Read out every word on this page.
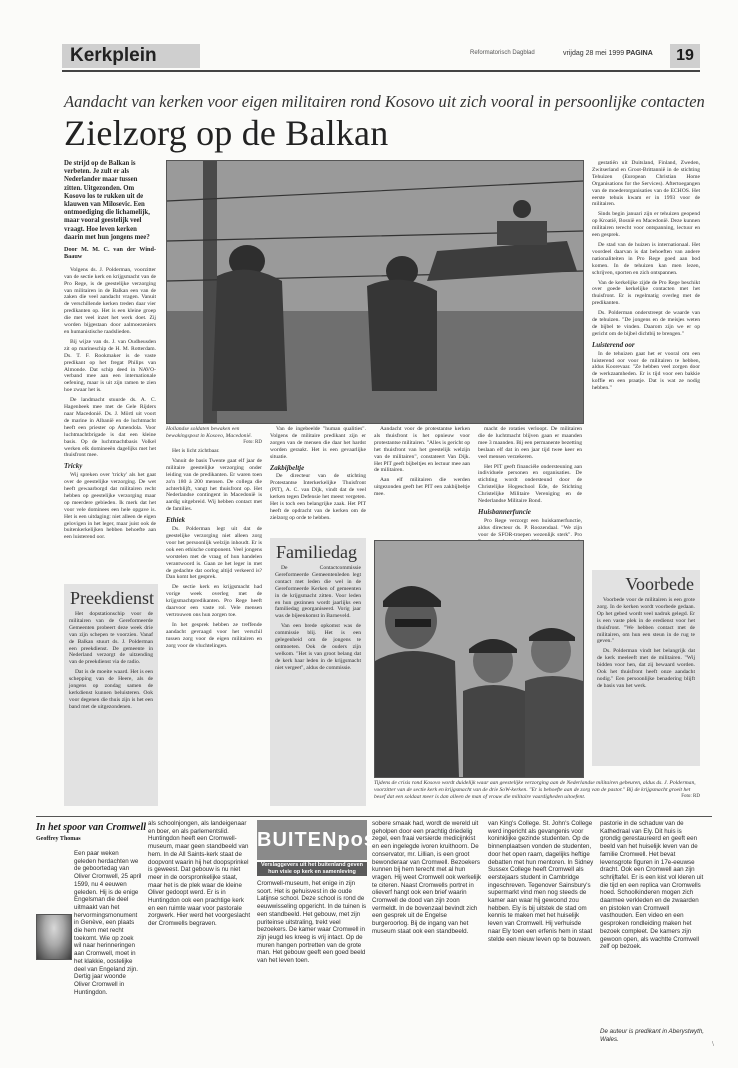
Kerkplein	Reformatorisch Dagblad	vrijdag 28 mei 1999 PAGINA	19
Aandacht van kerken voor eigen militairen rond Kosovo uit zich vooral in persoonlijke contacten
Zielzorg op de Balkan
De strijd op de Balkan is verbeten. Je zult er als Nederlander maar tussen zitten. Uitgezonden. Om Kosovo los te rukken uit de klauwen van Milosevic. Een ontmoediging die lichamelijk, maar vooral geestelijk veel vraagt. Hoe leven kerken daarin met hun jongens mee?
Door M. M. C. van der Wind-Baauw

Volgens ds. J. Polderman, voorzitter van de sectie kerk en krijgsmacht van de Pro Rege, is de geestelijke verzorging van militairen in de Balkan een van de zaken die veel aandacht vragen. Vanuit de verschillende kerken treden daar vier predikanten op. Het is een kleine groep die met veel inzet het werk doet. Zij worden bijgestaan door aalmoezeniers en humanistische raadslieden.

Bij wijze van ds. J. van Oudheusden zit op marineschip de H. M. Rotterdam. Ds. T. F. Rookmaker is de vaste predikant op het fregat Philips van Almonde. Dat schip deed in NAVO-verband mee aan een internationale oefening, maar is uit zijn ramen te zien hoe zwaar het is.

De landmacht stuurde ds. A. C. Hagenbeek mee met de Gele Rijders naar Macedonië. Ds. J. Mörtl uit voort de marine in Albanië en de luchtmacht heeft een priester op Amendola. Voor luchtmachtbrigade is dat een kleine basis. Op de luchtmachtbasis Volkel werken elk domineeën dagelijks met het thuisfront mee.

Tricky

Wij spreken over 'tricky' als het gaat over de geestelijke verzorging. De wet heeft gewaarborgd dat militairen recht hebben op geestelijke verzorging maar op meerdere gebieden. Ik merk dat het voor vele dominees een hele opgave is. Het is een uitdaging: niet alleen de eigen gelovigen in het leger, maar juist ook de buitenkerkelijken hebben behoefte aan een luisterend oor.

Hollandse soldaten bewaken een bewakingspost in Kosovo, Macedonië.
Foto: RD

Het is licht zichtbaar.

Vanuit de basis Twente gaat elf jaar de militaire geestelijke verzorging onder leiding van de predikanten. Er waren toen zo'n 180 à 200 mensen. De collega die achterblijft, vangt het thuisfront op. Het Nederlandse contingent in Macedonië is aardig uitgebreid. Wij hebben contact met de families.

Ethiek

Ds. Polderman legt uit dat de geestelijke verzorging niet alleen zorg voor het persoonlijk welzijn inhoudt. Er is ook een ethische component. Veel jongens worstelen met de vraag of hun handelen verantwoord is. Gaan ze het leger in met de gedachte dat oorlog altijd verkeerd is? Dan komt het gesprek.

De sectie kerk en krijgsmacht had vorige week overleg met de krijgsmachtpredikanten. Pro Rege heeft daarvoor een vaste rol. Vele mensen vertrouwen ons hun zorgen toe.

In het gesprek hebben ze treffende aandacht gevraagd voor het verschil tussen zorg voor de eigen militairen en zorg voor de vluchtelingen.

Van de ingebeelde "human qualities". Volgens de militaire predikant zijn er zorgen van de mensen die daar het hardst worden geraakt. Het is een gevaarlijke situatie.

Zakbijbeltje

De directeur van de stichting Protestantse Interkerkelijke Thuisfront (PIT), A. C. van Dijk, vindt dat de veel kerken tegen Defensie het meest vergeten. Het is toch een belangrijke zaak. Het PIT heeft de opdracht van de kerken om de zielzorg op orde te hebben.

Aandacht voor de protestantse kerken als thuisfront is het opnieuw voor protestantse militairen. "Alles is gericht op het thuisfront van het geestelijk welzijn van de militairen", constateert Van Dijk. Het PIT geeft bijbeltjes en lectuur mee aan de militairen.

Aan elf militairen die werden uitgezonden geeft het PIT een zakbijbeltje mee.

macht de rotaties verloopt. De militairen die de luchtmacht blijven gaan er maanden mee 3 maanden. Bij een permanente bezetting beslaan elf dat in een jaar tijd twee keer en veel mensen verzekeren.

Het PIT geeft financiële ondersteuning aan individuele personen en organisaties. De stichting wordt ondersteund door de Christelijke Hogeschool Ede, de Stichting Christelijke Militaire Vereniging en de Nederlandse Militaire Bond.

Huisbannerfuncie

Pro Rege verzorgt een huiskamerfunctie, aldus directeur ds. P. Roozendaal. "We zijn voor de SFOR-troepen wezenlijk sterk". Pro

gestatiën uit Duitsland, Finland, Zweden, Zwitserland en Groot-Brittannië in de stichting Tehuizen (European Christian Home Organisations for the Services). Aftertoegangen van de moederorganisaties van de ECHOS. Het eerste tehuis kwam er in 1993 voor de militairen.

Sinds begin januari zijn er tehuizen geopend op Kroatië, Bosnië en Macedonië. Deze kunnen militairen terecht voor ontspanning, lectuur en een gesprek.

De stad van de huizen is internationaal. Het voordeel daarvan is dat behoeften van andere nationaliteiten in Pro Rege goed aan bod komen. In de tehuizen kan men lezen, schrijven, sporten en zich ontspannen.

Van de kerkelijke zijde de Pro Rege beschikt over goede kerkelijke contacten met het thuisfront. Er is regelmatig overleg met de predikanten.

Ds. Polderman onderstreept de waarde van de tehuizen. "De jongens en de meisjes weten de bijbel te vinden. Daarom zijn we er op gericht om de bijbel dichtbij te brengen."

Luisterend oor

In de tehuizen gaat het er vooral om een luisterend oor voor de militairen te hebben, aldus Koorevaar. "Ze hebben veel zorgen door de werkzaamheden. Er is tijd voor een bakkie koffie en een praatje. Dat is wat ze nodig hebben."

Preekdienst

Het dopstationschip voor de militairen van de Gereformeerde Gemeenten probeert deze week drie van zijn schepen te voorzien. Vanaf de Balkan stuurt ds. J. Polderman een preekdienst. De gemeente in Nederland verzorgt de uitzending van de preekdienst via de radio.

Dat is de moeite waard. Het is een schepping van de Heere, als de jongens op zondag samen de kerkdienst kunnen beluisteren. Ook voor degenen die thuis zijn is het een band met de uitgezondenen.

Familiedag

De Contactcommissie Gereformeerde Gemeentenleden legt contact met leden die wel in de Gereformeerde Kerken of gemeenten in de krijgsmacht zitten. Voor leden en hun gezinnen wordt jaarlijks een familiedag georganiseerd. Vorig jaar was de bijeenkomst in Barneveld.

Van een brede opkomst was de commissie blij. Het is een gelegenheid om de jongens te ontmoeten. Ook de ouders zijn welkom. "Het is van groot belang dat de kerk haar leden in de krijgsmacht niet vergeet", aldus de commissie.

Voorbede

Voorbede voor de militairen is een grote zorg. In de kerken wordt voorbede gedaan. Op het gebed wordt veel nadruk gelegd. Er is een vaste plek in de eredienst voor het thuisfront. "We hebben contact met de militairen, om hun een steun in de rug te geven."

Ds. Polderman vindt het belangrijk dat de kerk meeleeft met de militairen. "Wij bidden voor hen, dat zij bewaard worden. Ook het thuisfront heeft onze aandacht nodig." Een persoonlijke benadering blijft de basis van het werk.

Tijdens de crisis rond Kosovo wordt duidelijk waar aan geestelijke verzorging aan de Nederlandse militairen gebeuren, aldus ds. J. Polderman, voorzitter van de sectie kerk en krijgsmacht van de drie SoW-kerken. "Er is behoefte aan de zorg van de pastor." Bij de krijgsmacht groeit het besef dat een soldaat meer is dan alleen de man of vrouw die militaire vaardigheden uitoefent.	Foto: RD
In het spoor van Cromwell
Geoffrey Thomas

Een paar weken geleden herdachten we de geboortedag van Oliver Cromwell, 25 april 1599, nu 4 eeuwen geleden. Hij is de enige Engelsman die deel uitmaakt van het hervormingsmonument in Genève, een plaats die hem met recht toekomt. Wie op zoek wil naar herinneringen aan Cromwell, moet in het klakkie, oostelijke deel van Engeland zijn. Dertig jaar woonde Oliver Cromwell in Huntingdon.

als schoolnjongen, als landeigenaar en boer, en als parlementslid. Huntingdon heeft een Cromwell-museum, maar geen standbeeld van hem. In de All Saints-kerk staat de doopvont waarin hij het doopsprinkel is geweest. Dat gebouw is nu niet meer in de oorspronkelijke staat, maar het is de plek waar de kleine Oliver gedoopt werd. Er is in Huntingdon ook een prachtige kerk en een ruimte waar voor pastorale zorgwerk. Hier werd het voorgeslacht der Cromwells begraven.

BUITENpost
Verslaggevers uit het buitenland geven hun visie op kerk en samenleving

Cromwell-museum, het enige in zijn soort. Het is gehuisvest in de oude Latijnse school. Deze school is rond de eeuwwisseling opgericht. In de tuinen is een standbeeld. Het gebouw, met zijn puriteinse uitstraling, trekt veel bezoekers. De kamer waar Cromwell in zijn jeugd les kreeg is vrij intact. Op de muren hangen portretten van de grote man. Het gebouw geeft een goed beeld van het leven toen.

sobere smaak had, wordt de wereld uit geholpen door een prachtig driedelig zegel, een fraai versierde medicijnkist en een ingelegde ivoren kruithoorn. De conservator, mr. Lillian, is een groot bewonderaar van Cromwell. Bezoekers kunnen bij hem terecht met al hun vragen. Hij weet Cromwell ook werkelijk te citeren. Naast Cromwells portret in olieverf hangt ook een brief waarin Cromwell de dood van zijn zoon vermeldt. In de bovenzaal bevindt zich een gesprek uit de Engelse burgeroorlog. Bij de ingang van het museum staat ook een standbeeld.

van King's College. St. John's College werd ingericht als gevangenis voor koninklijke gezinde studenten. Op de binnenplaatsen vonden de studenten, door het open raam, dagelijks heftige debatten met hun mentoren. In Sidney Sussex College heeft Cromwell als eerstejaars student in Cambridge ingeschreven. Tegenover Sainsbury's supermarkt vind men nog steeds de kamer aan waar hij gewoond zou hebben. Ely is bij uitstek de stad om kennis te maken met het huiselijk leven van Cromwell. Hij verhuisde naar Ely toen een erfenis hem in staat stelde een nieuw leven op te bouwen.

pastorie in de schaduw van de Kathedraal van Ely. Dit huis is grondig gerestaureerd en geeft een beeld van het huiselijk leven van de familie Cromwell. Het bevat levensgrote figuren in 17e-eeuwse dracht. Ook een Cromwell aan zijn schrijftafel. Er is een kist vol kleren uit die tijd en een replica van Cromwells hoed. Schoolkinderen mogen zich daarmee verkleden en de zwaarden en pistolen van Cromwell vasthouden. Een video en een gesproken rondleiding maken het bezoek compleet. De kamers zijn gewoon open, als wachtte Cromwell zelf op bezoek.

De auteur is predikant in Aberystwyth, Wales.
\
